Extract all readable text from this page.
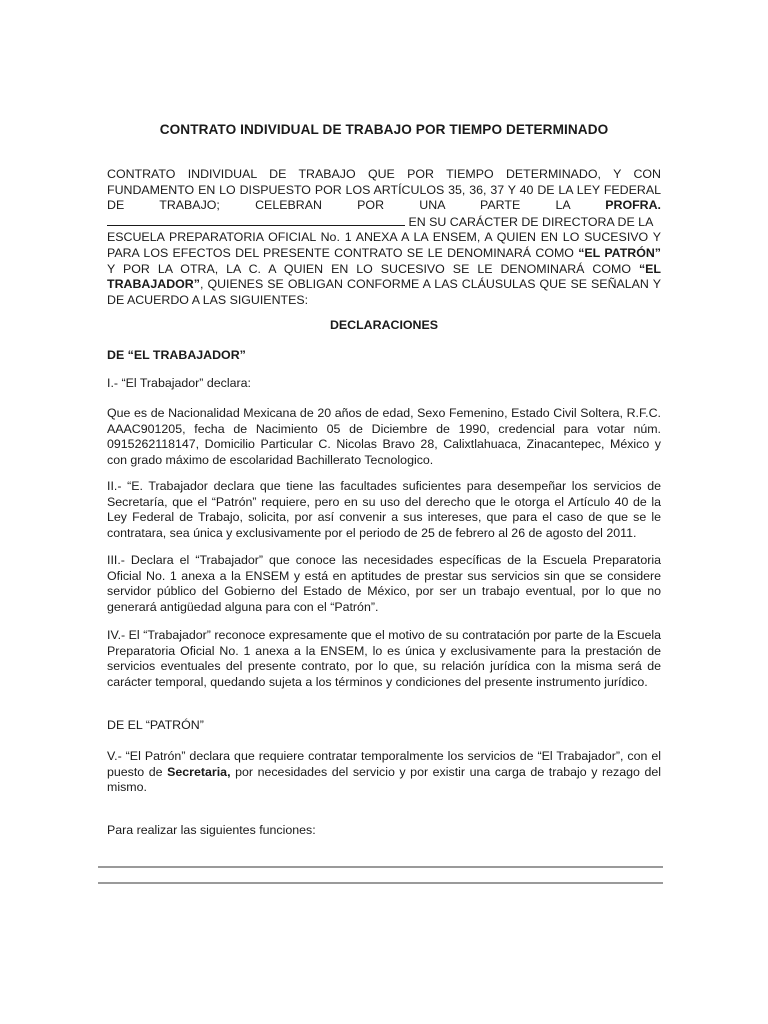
CONTRATO INDIVIDUAL DE TRABAJO POR TIEMPO DETERMINADO
CONTRATO INDIVIDUAL DE TRABAJO QUE POR TIEMPO DETERMINADO, Y CON
FUNDAMENTO EN LO DISPUESTO POR LOS ARTÍCULOS 35, 36, 37 Y 40 DE LA LEY FEDERAL
DE TRABAJO; CELEBRAN POR UNA PARTE LA	PROFRA.
EN SU CARÁCTER DE DIRECTORA DE LA
ESCUELA PREPARATORIA OFICIAL No. 1 ANEXA A LA ENSEM, A QUIEN EN LO SUCESIVO Y
PARA LOS EFECTOS DEL PRESENTE CONTRATO SE LE DENOMINARÁ COMO “EL PATRÓN”
Y POR LA OTRA, LA C. A QUIEN EN LO SUCESIVO SE LE DENOMINARÁ COMO “EL
TRABAJADOR”, QUIENES SE OBLIGAN CONFORME A LAS CLÁUSULAS QUE SE SEÑALAN Y
DE ACUERDO A LAS SIGUIENTES:
DECLARACIONES
DE “EL TRABAJADOR”
I.- “El Trabajador” declara:
Que es de Nacionalidad Mexicana de 20 años de edad, Sexo Femenino, Estado Civil Soltera, R.F.C. AAAC901205, fecha de Nacimiento 05 de Diciembre de 1990, credencial para votar núm. 0915262118147, Domicilio Particular C. Nicolas Bravo 28, Calixtlahuaca, Zinacantepec, México y con grado máximo de escolaridad Bachillerato Tecnologico.
II.- “E. Trabajador declara que tiene las facultades suficientes para desempeñar los servicios de Secretaría, que el “Patrón” requiere, pero en su uso del derecho que le otorga el Artículo 40 de la Ley Federal de Trabajo, solicita, por así convenir a sus intereses, que para el caso de que se le contratara, sea única y exclusivamente por el periodo de 25 de febrero al 26 de agosto del 2011.
III.- Declara el “Trabajador” que conoce las necesidades específicas de la Escuela Preparatoria Oficial No. 1 anexa a la ENSEM y está en aptitudes de prestar sus servicios sin que se considere servidor público del Gobierno del Estado de México, por ser un trabajo eventual, por lo que no generará antigüedad alguna para con el “Patrón”.
IV.- El “Trabajador” reconoce expresamente que el motivo de su contratación por parte de la Escuela Preparatoria Oficial No. 1 anexa a la ENSEM, lo es única y exclusivamente para la prestación de servicios eventuales del presente contrato, por lo que, su relación jurídica con la misma será de carácter temporal, quedando sujeta a los términos y condiciones del presente instrumento jurídico.
DE EL “PATRÓN”
V.- “El Patrón” declara que requiere contratar temporalmente los servicios de “El Trabajador”, con el puesto de Secretaria, por necesidades del servicio y por existir una carga de trabajo y rezago del mismo.
Para realizar las siguientes funciones:
